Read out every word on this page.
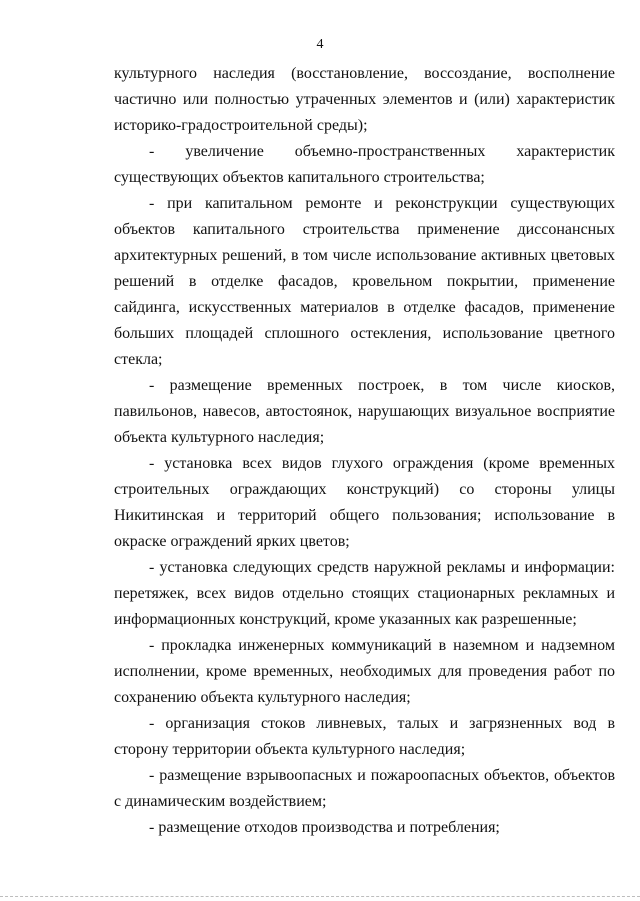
4

культурного наследия (восстановление, воссоздание, восполнение частично или полностью утраченных элементов и (или) характеристик историко-градостроительной среды);

- увеличение объемно-пространственных характеристик

существующих объектов капитального строительства;

- при капитальном ремонте и реконструкции существующих объектов капитального строительства применение диссонансных архитектурных решений, в том числе использование активных цветовых решений в отделке фасадов, кровельном покрытии, применение сайдинга, искусственных материалов в отделке фасадов, применение больших площадей сплошного остекления, использование цветного стекла;

- размещение временных построек, в том числе киосков, павильонов, навесов, автостоянок, нарушающих визуальное восприятие объекта культурного наследия;

- установка всех видов глухого ограждения (кроме временных строительных ограждающих конструкций) со стороны улицы Никитинская и территорий общего пользования; использование в окраске ограждений ярких цветов;

- установка следующих средств наружной рекламы и информации: перетяжек, всех видов отдельно стоящих стационарных рекламных и информационных конструкций, кроме указанных как разрешенные;

- прокладка инженерных коммуникаций в наземном и надземном исполнении, кроме временных, необходимых для проведения работ по сохранению объекта культурного наследия;

- организация стоков ливневых, талых и загрязненных вод в сторону территории объекта культурного наследия;

- размещение взрывоопасных и пожароопасных объектов, объектов с динамическим воздействием;

- размещение отходов производства и потребления;
